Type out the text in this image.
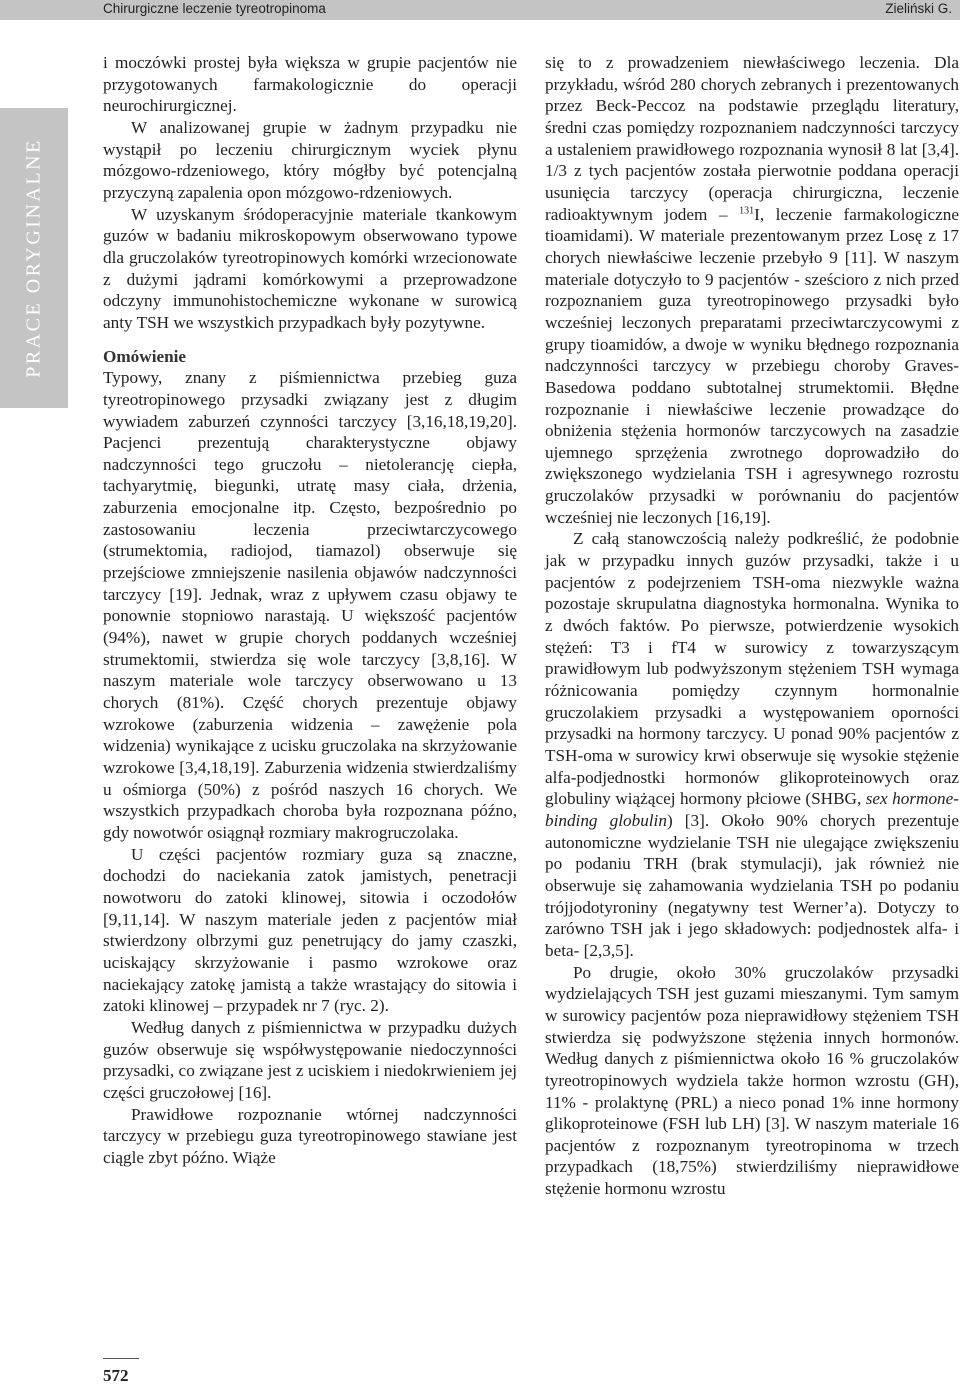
Chirurgiczne leczenie tyreotropinoma	Zieliński G.
PRACE ORYGINALNE

i moczówki prostej była większa w grupie pacjentów nie przygotowanych farmakologicznie do operacji neurochirurgicznej.

W analizowanej grupie w żadnym przypadku nie wystąpił po leczeniu chirurgicznym wyciek płynu mózgowo-rdzeniowego, który mógłby być potencjalną przyczyną zapalenia opon mózgowo-rdzeniowych.

W uzyskanym śródoperacyjnie materiale tkankowym guzów w badaniu mikroskopowym obserwowano typowe dla gruczolaków tyreotropinowych komórki wrzecionowate z dużymi jądrami komórkowymi a przeprowadzone odczyny immunohistochemiczne wykonane w surowicą anty TSH we wszystkich przypadkach były pozytywne.

Omówienie

Typowy, znany z piśmiennictwa przebieg guza tyreotropinowego przysadki związany jest z długim wywiadem zaburzeń czynności tarczycy [3,16,18,19,20]. Pacjenci prezentują charakterystyczne objawy nadczynności tego gruczołu – nietolerancję ciepła, tachyarytmię, biegunki, utratę masy ciała, drżenia, zaburzenia emocjonalne itp. Często, bezpośrednio po zastosowaniu leczenia przeciwtarczycowego (strumektomia, radiojod, tiamazol) obserwuje się przejściowe zmniejszenie nasilenia objawów nadczynności tarczycy [19]. Jednak, wraz z upływem czasu objawy te ponownie stopniowo narastają. U większość pacjentów (94%), nawet w grupie chorych poddanych wcześniej strumektomii, stwierdza się wole tarczycy [3,8,16]. W naszym materiale wole tarczycy obserwowano u 13 chorych (81%). Część chorych prezentuje objawy wzrokowe (zaburzenia widzenia – zawężenie pola widzenia) wynikające z ucisku gruczolaka na skrzyżowanie wzrokowe [3,4,18,19]. Zaburzenia widzenia stwierdzaliśmy u ośmiorga (50%) z pośród naszych 16 chorych. We wszystkich przypadkach choroba była rozpoznana późno, gdy nowotwór osiągnął rozmiary makrogruczolaka.

U części pacjentów rozmiary guza są znaczne, dochodzi do naciekania zatok jamistych, penetracji nowotworu do zatoki klinowej, sitowia i oczodołów [9,11,14]. W naszym materiale jeden z pacjentów miał stwierdzony olbrzymi guz penetrujący do jamy czaszki, uciskający skrzyżowanie i pasmo wzrokowe oraz naciekający zatokę jamistą a także wrastający do sitowia i zatoki klinowej – przypadek nr 7 (ryc. 2).

Według danych z piśmiennictwa w przypadku dużych guzów obserwuje się współwystępowanie niedoczynności przysadki, co związane jest z uciskiem i niedokrwieniem jej części gruczołowej [16].

Prawidłowe rozpoznanie wtórnej nadczynności tarczycy w przebiegu guza tyreotropinowego stawiane jest ciągle zbyt późno. Wiąże

się to z prowadzeniem niewłaściwego leczenia. Dla przykładu, wśród 280 chorych zebranych i prezentowanych przez Beck-Peccoz na podstawie przeglądu literatury, średni czas pomiędzy rozpoznaniem nadczynności tarczycy a ustaleniem prawidłowego rozpoznania wynosił 8 lat [3,4]. 1/3 z tych pacjentów została pierwotnie poddana operacji usunięcia tarczycy (operacja chirurgiczna, leczenie radioaktywnym jodem – $^{131}$I, leczenie farmakologiczne tioamidami). W materiale prezentowanym przez Losę z 17 chorych niewłaściwe leczenie przebyło 9 [11]. W naszym materiale dotyczyło to 9 pacjentów - sześcioro z nich przed rozpoznaniem guza tyreotropinowego przysadki było wcześniej leczonych preparatami przeciwtarczycowymi z grupy tioamidów, a dwoje w wyniku błędnego rozpoznania nadczynności tarczycy w przebiegu choroby Graves-Basedowa poddano subtotalnej strumektomii. Błędne rozpoznanie i niewłaściwe leczenie prowadzące do obniżenia stężenia hormonów tarczycowych na zasadzie ujemnego sprzężenia zwrotnego doprowadziło do zwiększonego wydzielania TSH i agresywnego rozrostu gruczolaków przysadki w porównaniu do pacjentów wcześniej nie leczonych [16,19].

Z całą stanowczością należy podkreślić, że podobnie jak w przypadku innych guzów przysadki, także i u pacjentów z podejrzeniem TSH-oma niezwykle ważna pozostaje skrupulatna diagnostyka hormonalna. Wynika to z dwóch faktów. Po pierwsze, potwierdzenie wysokich stężeń: T3 i fT4 w surowicy z towarzyszącym prawidłowym lub podwyższonym stężeniem TSH wymaga różnicowania pomiędzy czynnym hormonalnie gruczolakiem przysadki a występowaniem oporności przysadki na hormony tarczycy. U ponad 90% pacjentów z TSH-oma w surowicy krwi obserwuje się wysokie stężenie alfa-podjednostki hormonów glikoproteinowych oraz globuliny wiążącej hormony płciowe (SHBG, sex hormone-binding globulin) [3]. Około 90% chorych prezentuje autonomiczne wydzielanie TSH nie ulegające zwiększeniu po podaniu TRH (brak stymulacji), jak również nie obserwuje się zahamowania wydzielania TSH po podaniu trójjodotyroniny (negatywny test Werner’a). Dotyczy to zarówno TSH jak i jego składowych: podjednostek alfa- i beta- [2,3,5].

Po drugie, około 30% gruczolaków przysadki wydzielających TSH jest guzami mieszanymi. Tym samym w surowicy pacjentów poza nieprawidłowy stężeniem TSH stwierdza się podwyższone stężenia innych hormonów. Według danych z piśmiennictwa około 16 % gruczolaków tyreotropinowych wydziela także hormon wzrostu (GH), 11% - prolaktynę (PRL) a nieco ponad 1% inne hormony glikoproteinowe (FSH lub LH) [3]. W naszym materiale 16 pacjentów z rozpoznanym tyreotropinoma w trzech przypadkach (18,75%) stwierdziliśmy nieprawidłowe stężenie hormonu wzrostu

572
